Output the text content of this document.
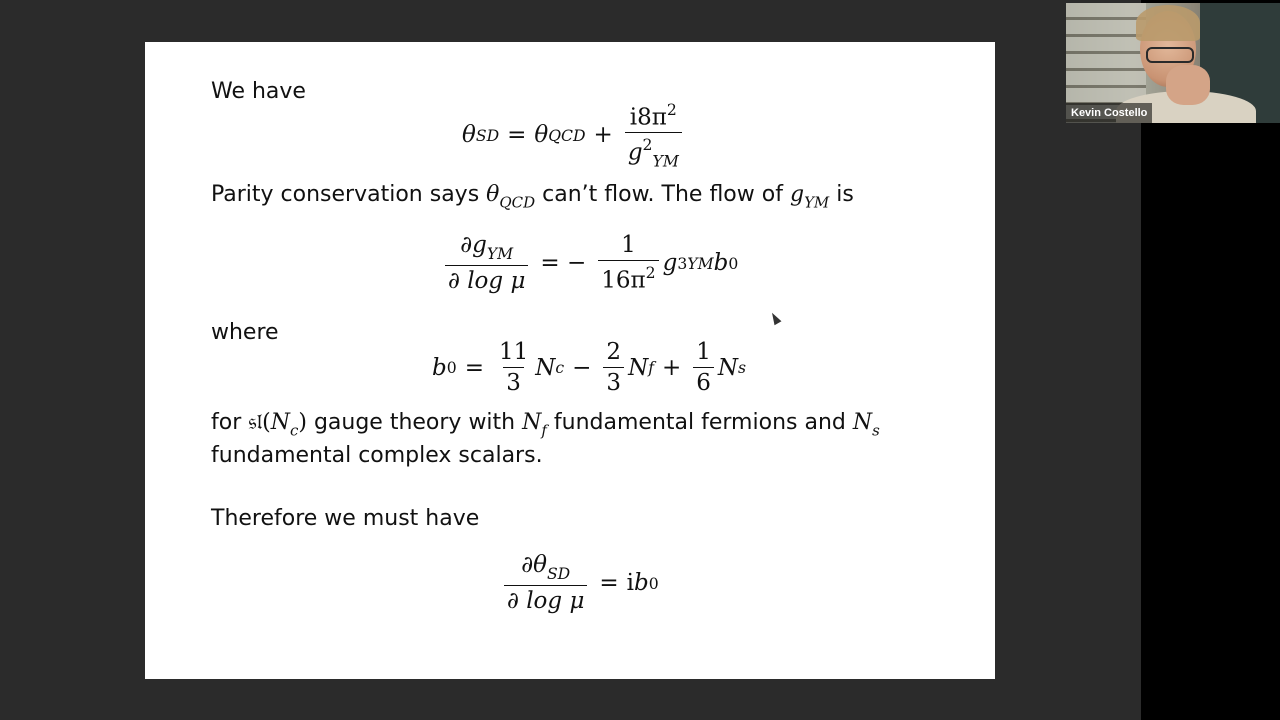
We have
θ SD = θ QCD + $\frac{i8\pi^2}{g^2_{YM}}$
Parity conservation says $\theta_{QCD}$ can’t flow. The flow of $g_{YM}$ is
$\frac{\partial g_{YM}}{\text{∂ log μ}}$ = − $\frac{1}{16\pi^2}$ g 3 YM b 0
where
b $0 = \frac{11}{3}$ N $c - \frac{2}{3}$ N $f + \frac{1}{6}$ N s
for $𝔰𝔩(N_c)$ gauge theory with $N_f$ fundamental fermions and $N_s$
fundamental complex scalars.
Therefore we must have
$\frac{\partial\theta_{SD}}{\text{∂ log μ}} = i$ b 0
Kevin Costello
